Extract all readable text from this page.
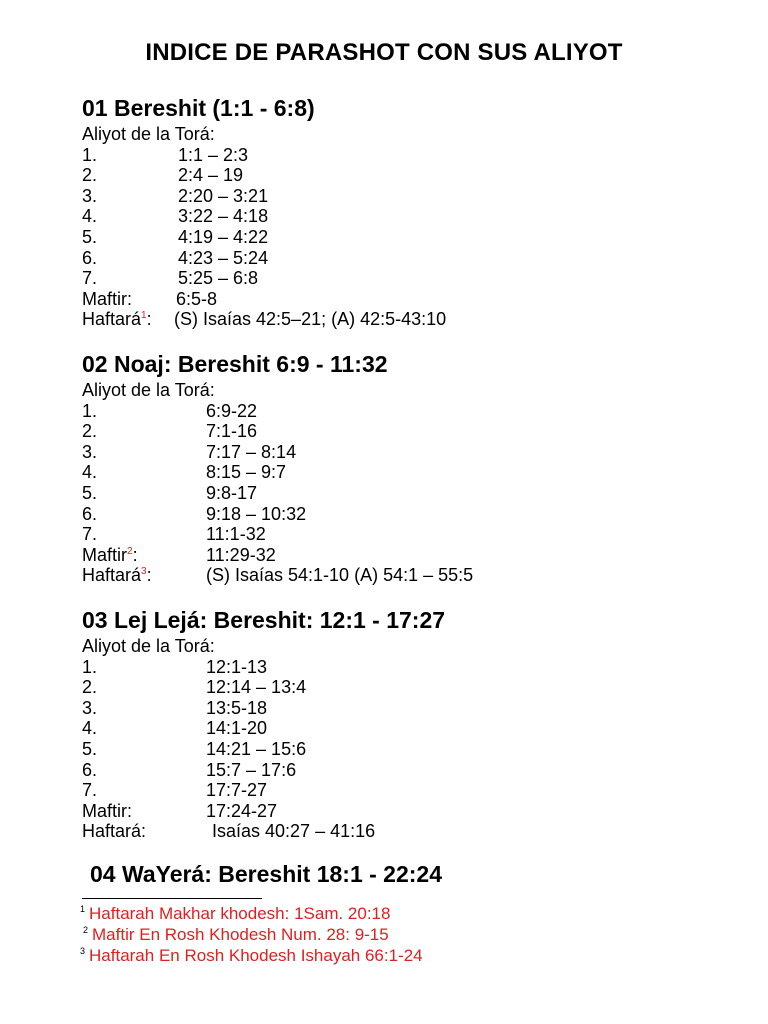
INDICE DE PARASHOT CON SUS ALIYOT
01 Bereshit (1:1 - 6:8)
Aliyot de la Torá:
1.	1:1 – 2:3
2.	2:4 – 19
3.	2:20 – 3:21
4.	3:22 – 4:18
5.	4:19 – 4:22
6.	4:23 – 5:24
7.	5:25 – 6:8
Maftir: 6:5-8
Haftará$^1$: (S) Isaías 42:5–21; (A) 42:5-43:10
02 Noaj: Bereshit 6:9 - 11:32
Aliyot de la Torá:
1.	6:9-22
2.	7:1-16
3.	7:17 – 8:14
4.	8:15 – 9:7
5.	9:8-17
6.	9:18 – 10:32
7.	11:1-32
Maftir$^2$:	11:29-32
Haftará$^3$:	(S) Isaías 54:1-10 (A) 54:1 – 55:5
03 Lej Lejá: Bereshit: 12:1 - 17:27
Aliyot de la Torá:
1.	12:1-13
2.	12:14 – 13:4
3.	13:5-18
4.	14:1-20
5.	14:21 – 15:6
6.	15:7 – 17:6
7.	17:7-27
Maftir:	17:24-27
Haftará:	Isaías 40:27 – 41:16
04 WaYerá: Bereshit 18:1 - 22:24
$^1$ Haftarah Makhar khodesh: 1Sam. 20:18
$^2$ Maftir En Rosh Khodesh Num. 28: 9-15
$^3$ Haftarah En Rosh Khodesh Ishayah 66:1-24
